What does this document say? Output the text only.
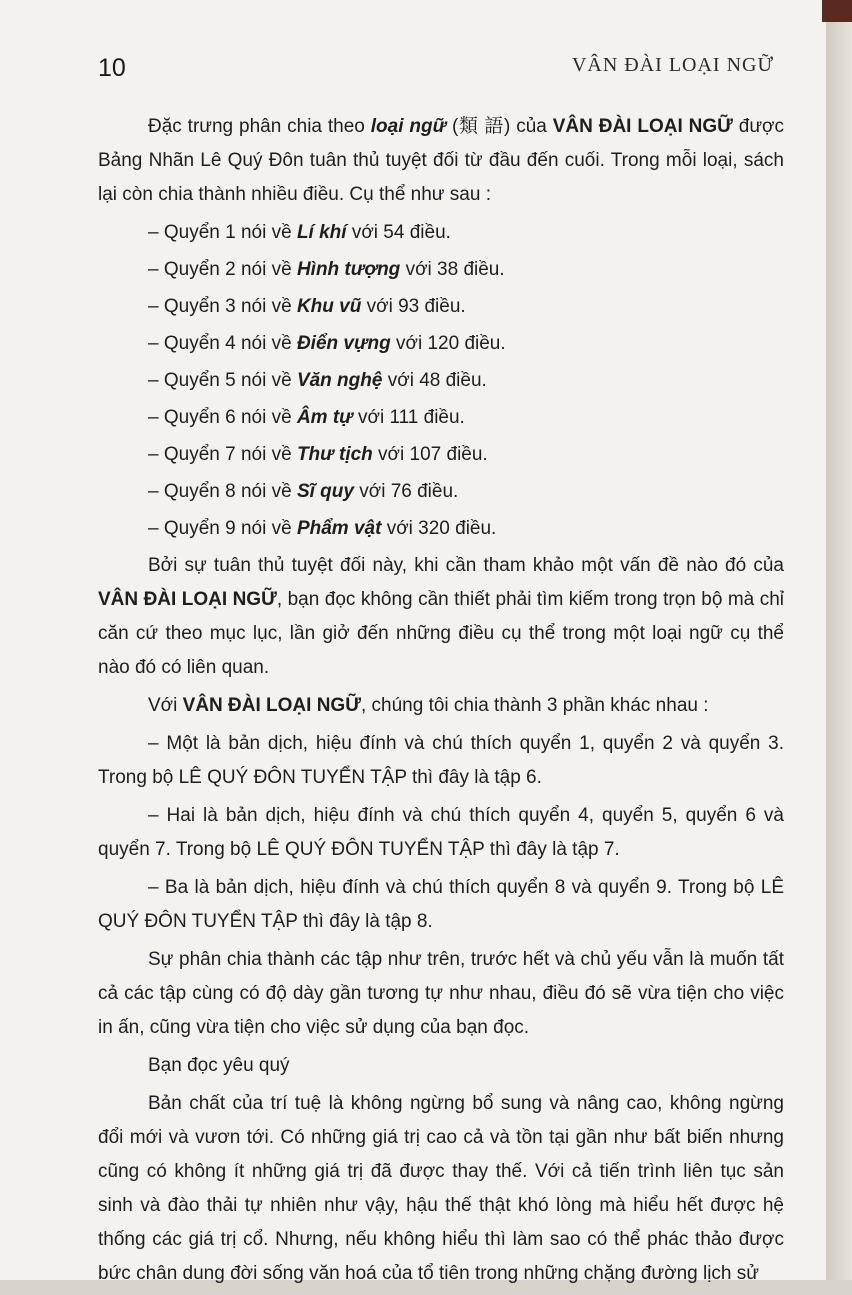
10	VÂN ĐÀI LOẠI NGỮ

Đặc trưng phân chia theo loại ngữ (類 語) của VÂN ĐÀI LOẠI NGỮ được Bảng Nhãn Lê Quý Đôn tuân thủ tuyệt đối từ đầu đến cuối. Trong mỗi loại, sách lại còn chia thành nhiều điều. Cụ thể như sau :

– Quyển 1 nói về Lí khí với 54 điều.

– Quyển 2 nói về Hình tượng với 38 điều.

– Quyển 3 nói về Khu vũ với 93 điều.

– Quyển 4 nói về Điển vựng với 120 điều.

– Quyển 5 nói về Văn nghệ với 48 điều.

– Quyển 6 nói về Âm tự với 111 điều.

– Quyển 7 nói về Thư tịch với 107 điều.

– Quyển 8 nói về Sĩ quy với 76 điều.

– Quyển 9 nói về Phẩm vật với 320 điều.

Bởi sự tuân thủ tuyệt đối này, khi cần tham khảo một vấn đề nào đó của VÂN ĐÀI LOẠI NGỮ, bạn đọc không cần thiết phải tìm kiếm trong trọn bộ mà chỉ căn cứ theo mục lục, lần giở đến những điều cụ thể trong một loại ngữ cụ thể nào đó có liên quan.

Với VÂN ĐÀI LOẠI NGỮ, chúng tôi chia thành 3 phần khác nhau :

– Một là bản dịch, hiệu đính và chú thích quyển 1, quyển 2 và quyển 3. Trong bộ LÊ QUÝ ĐÔN TUYỂN TẬP thì đây là tập 6.

– Hai là bản dịch, hiệu đính và chú thích quyển 4, quyển 5, quyển 6 và quyển 7. Trong bộ LÊ QUÝ ĐÔN TUYỂN TẬP thì đây là tập 7.

– Ba là bản dịch, hiệu đính và chú thích quyển 8 và quyển 9. Trong bộ LÊ QUÝ ĐÔN TUYỂN TẬP thì đây là tập 8.

Sự phân chia thành các tập như trên, trước hết và chủ yếu vẫn là muốn tất cả các tập cùng có độ dày gần tương tự như nhau, điều đó sẽ vừa tiện cho việc in ấn, cũng vừa tiện cho việc sử dụng của bạn đọc.

Bạn đọc yêu quý

Bản chất của trí tuệ là không ngừng bổ sung và nâng cao, không ngừng đổi mới và vươn tới. Có những giá trị cao cả và tồn tại gần như bất biến nhưng cũng có không ít những giá trị đã được thay thế. Với cả tiến trình liên tục sản sinh và đào thải tự nhiên như vậy, hậu thế thật khó lòng mà hiểu hết được hệ thống các giá trị cổ. Nhưng, nếu không hiểu thì làm sao có thể phác thảo được bức chân dung đời sống văn hoá của tổ tiên trong những chặng đường lịch sử
